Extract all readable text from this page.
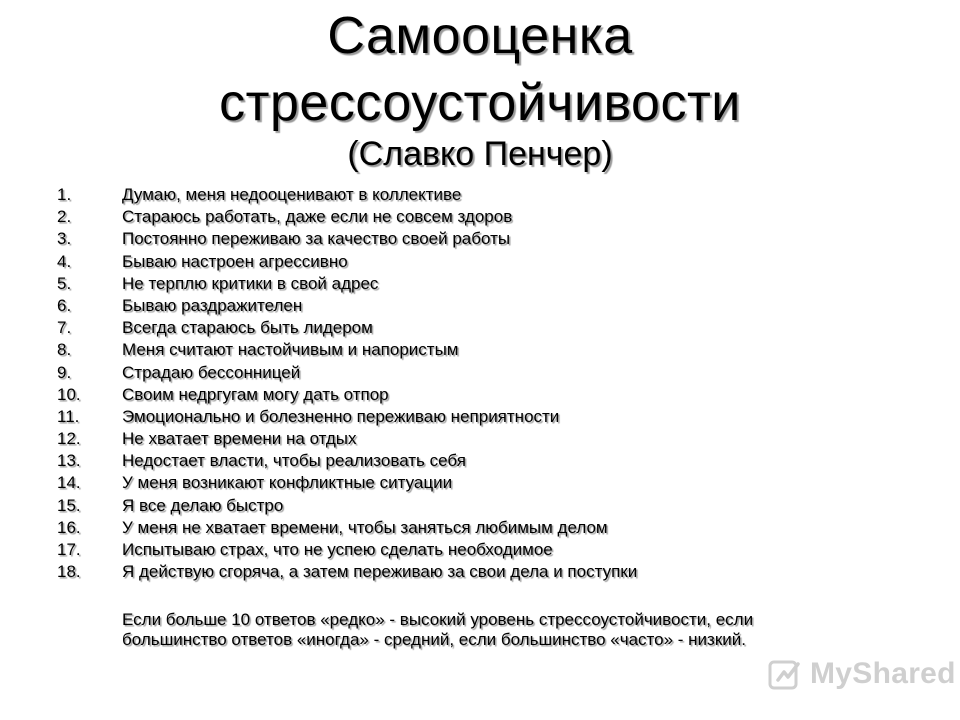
Самооценка
стрессоустойчивости
(Славко Пенчер)
1.	Думаю, меня недооценивают в коллективе
2.	Стараюсь работать, даже если не совсем здоров
3.	Постоянно переживаю за качество своей работы
4.	Бываю настроен агрессивно
5.	Не терплю критики в свой адрес
6.	Бываю раздражителен
7.	Всегда стараюсь быть лидером
8.	Меня считают настойчивым и напористым
9.	Страдаю бессонницей
10. Своим недргугам могу дать отпор
11.	Эмоционально и болезненно переживаю неприятности
12. Не хватает времени на отдых
13. Недостает власти, чтобы реализовать себя
14. У меня возникают конфликтные ситуации
15. Я все делаю быстро
16. У меня не хватает времени, чтобы заняться любимым делом
17. Испытываю страх, что не успею сделать необходимое
18. Я действую сгоряча, а затем переживаю за свои дела и поступки
Если больше 10 ответов «редко» - высокий уровень стрессоустойчивости, если большинство ответов «иногда» - средний, если большинство «часто» - низкий.
MyShared
